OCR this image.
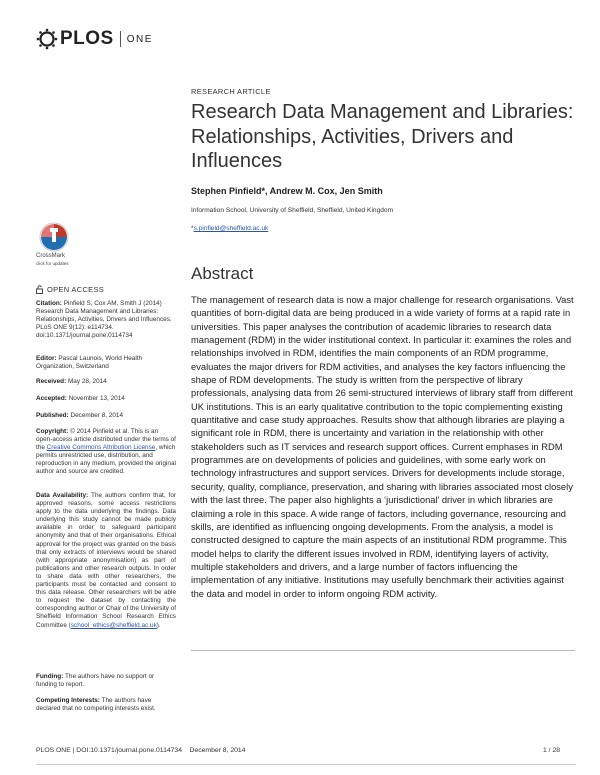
PLOS ONE
RESEARCH ARTICLE
Research Data Management and Libraries: Relationships, Activities, Drivers and Influences
Stephen Pinfield*, Andrew M. Cox, Jen Smith
Information School, University of Sheffield, Sheffield, United Kingdom
*s.pinfield@sheffield.ac.uk
CrossMark
click for updates
Abstract

The management of research data is now a major challenge for research organisations. Vast quantities of born-digital data are being produced in a wide variety of forms at a rapid rate in universities. This paper analyses the contribution of academic libraries to research data management (RDM) in the wider institutional context. In particular it: examines the roles and relationships involved in RDM, identifies the main components of an RDM programme, evaluates the major drivers for RDM activities, and analyses the key factors influencing the shape of RDM developments. The study is written from the perspective of library professionals, analysing data from 26 semi-structured interviews of library staff from different UK institutions. This is an early qualitative contribution to the topic complementing existing quantitative and case study approaches. Results show that although libraries are playing a significant role in RDM, there is uncertainty and variation in the relationship with other stakeholders such as IT services and research support offices. Current emphases in RDM programmes are on developments of policies and guidelines, with some early work on technology infrastructures and support services. Drivers for developments include storage, security, quality, compliance, preservation, and sharing with libraries associated most closely with the last three. The paper also highlights a ‘jurisdictional’ driver in which libraries are claiming a role in this space. A wide range of factors, including governance, resourcing and skills, are identified as influencing ongoing developments. From the analysis, a model is constructed designed to capture the main aspects of an institutional RDM programme. This model helps to clarify the different issues involved in RDM, identifying layers of activity, multiple stakeholders and drivers, and a large number of factors influencing the implementation of any initiative. Institutions may usefully benchmark their activities against the data and model in order to inform ongoing RDM activity.

OPEN ACCESS
Citation: Pinfield S, Cox AM, Smith J (2014) Research Data Management and Libraries: Relationships, Activities, Drivers and Influences. PLoS ONE 9(12): e114734. doi:10.1371/journal.pone.0114734
Editor: Pascal Launois, World Health Organization, Switzerland
Received: May 28, 2014
Accepted: November 13, 2014
Published: December 8, 2014
Copyright: © 2014 Pinfield et al. This is an open-access article distributed under the terms of the Creative Commons Attribution License, which permits unrestricted use, distribution, and reproduction in any medium, provided the original author and source are credited.
Data Availability: The authors confirm that, for approved reasons, some access restrictions apply to the data underlying the findings. Data underlying this study cannot be made publicly available in order to safeguard participant anonymity and that of their organisations. Ethical approval for the project was granted on the basis that only extracts of interviews would be shared (with appropriate anonymisation) as part of publications and other research outputs. In order to share data with other researchers, the participants must be contacted and consent to this data release. Other researchers will be able to request the dataset by contacting the corresponding author or Chair of the University of Sheffield Information School Research Ethics Committee (school_ethics@sheffield.ac.uk).
Funding: The authors have no support or funding to report.
Competing Interests: The authors have declared that no competing interests exist.
PLOS ONE | DOI:10.1371/journal.pone.0114734    December 8, 2014	1 / 28
